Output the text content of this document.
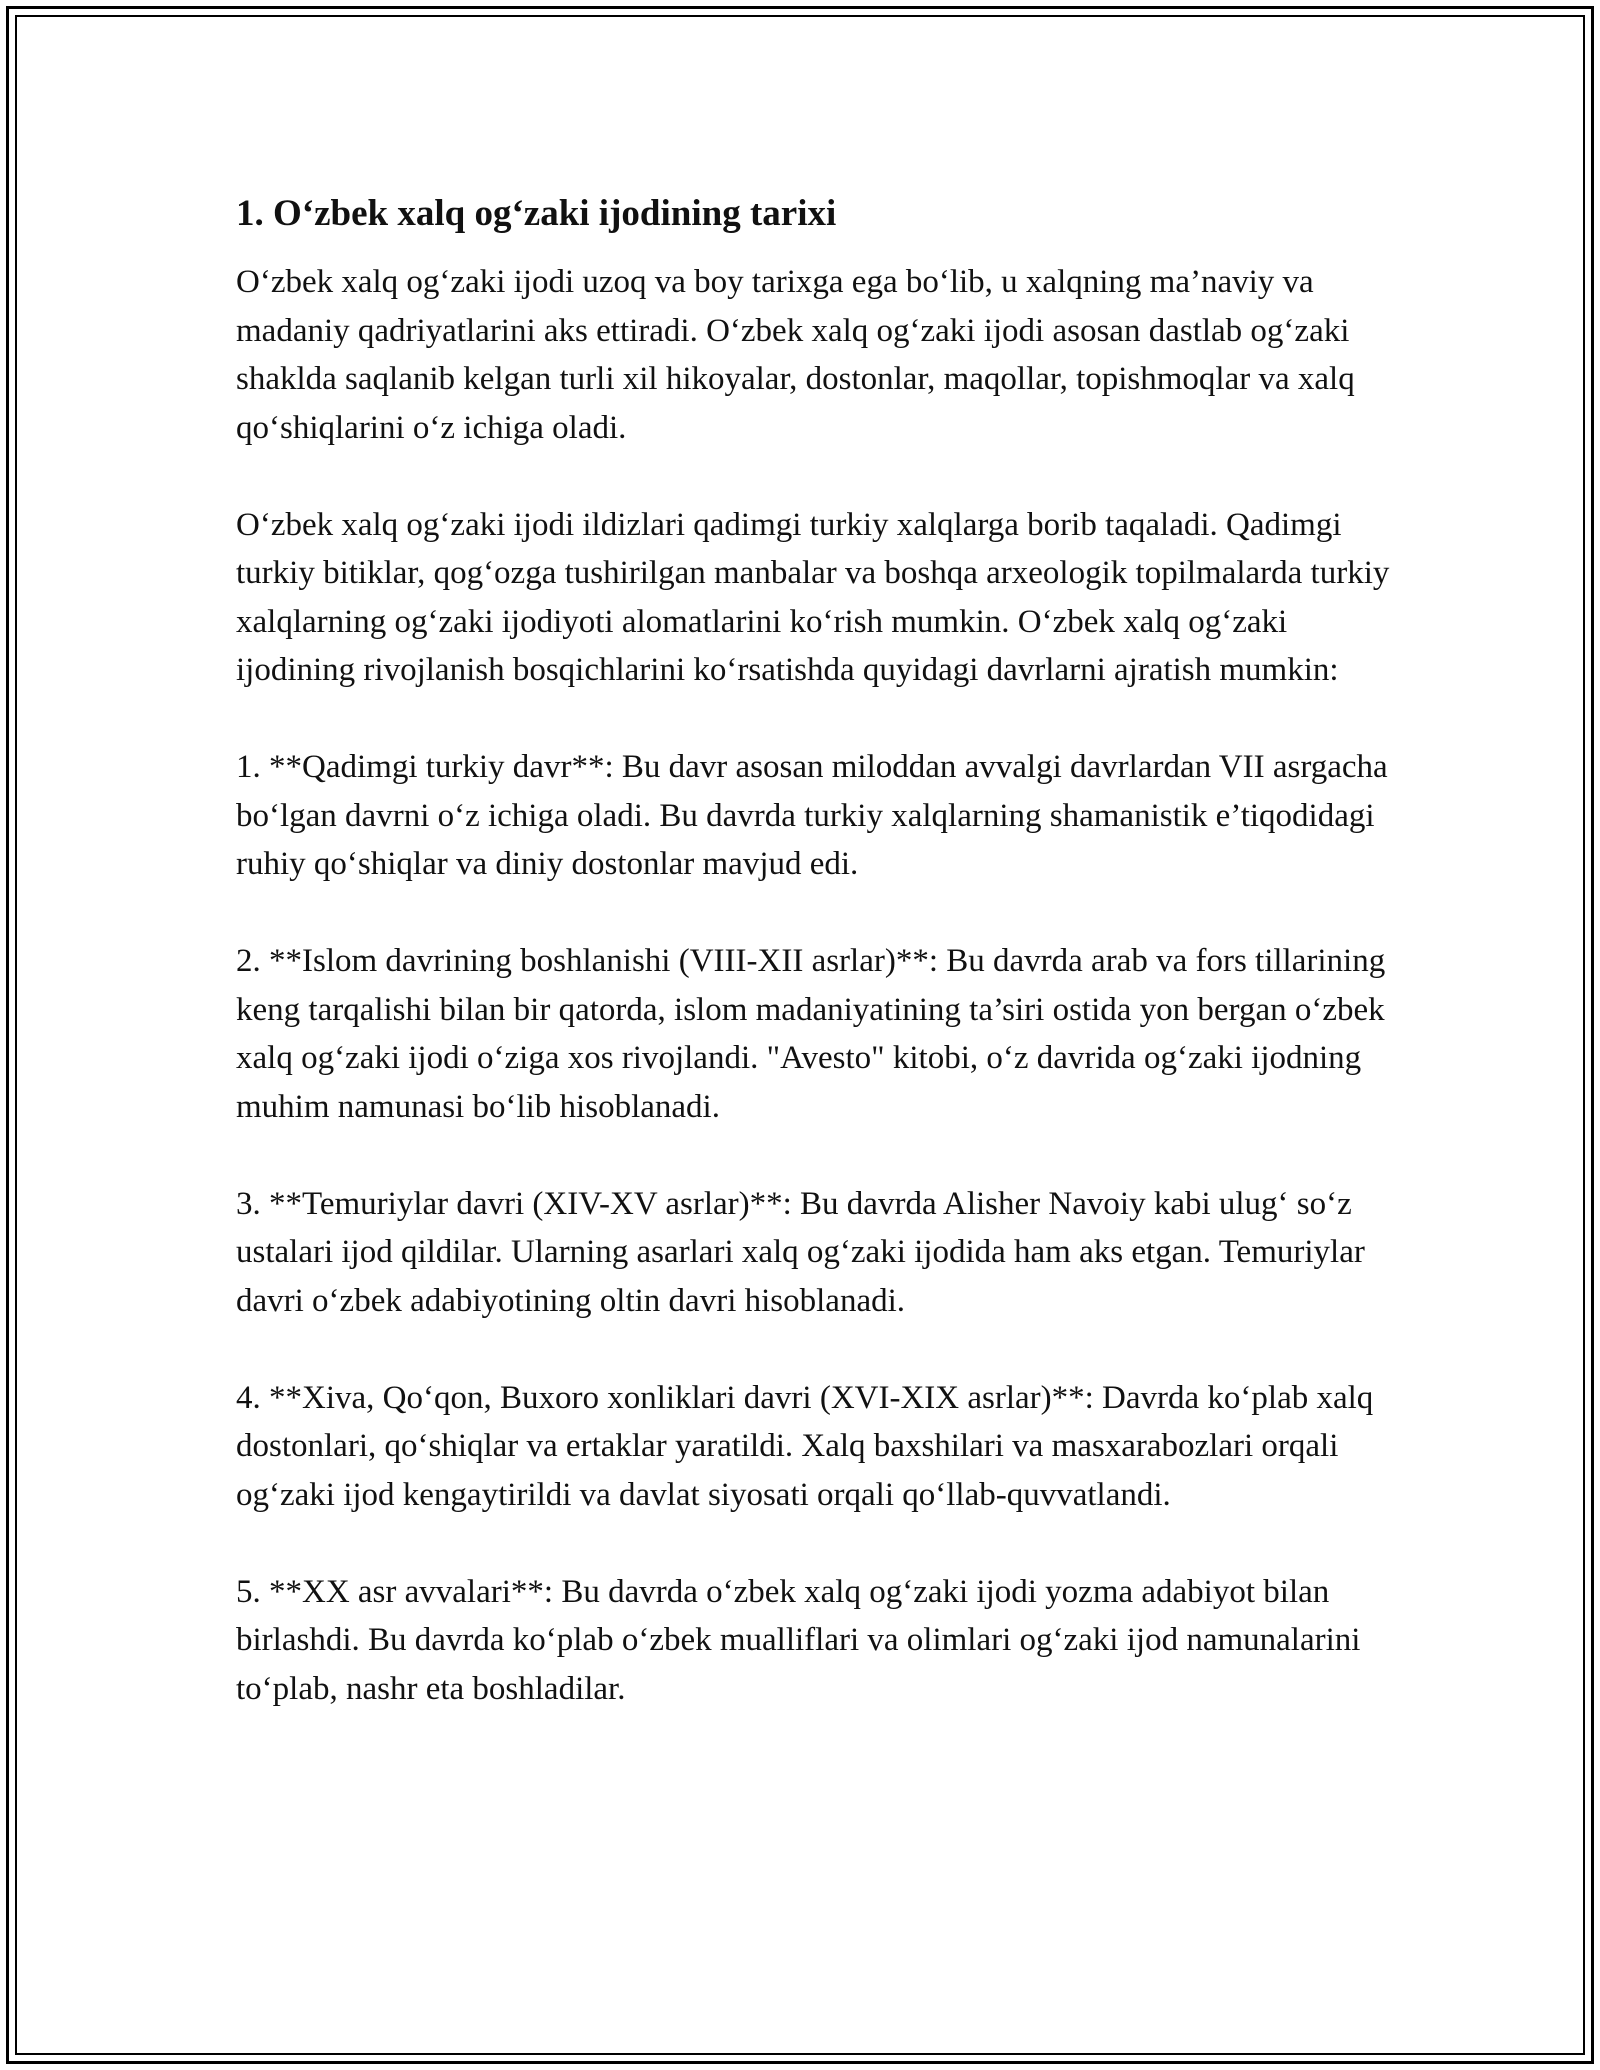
1. O‘zbek xalq og‘zaki ijodining tarixi

O‘zbek xalq og‘zaki ijodi uzoq va boy tarixga ega bo‘lib, u xalqning ma’naviy va madaniy qadriyatlarini aks ettiradi. O‘zbek xalq og‘zaki ijodi asosan dastlab og‘zaki shaklda saqlanib kelgan turli xil hikoyalar, dostonlar, maqollar, topishmoqlar va xalq qo‘shiqlarini o‘z ichiga oladi.

O‘zbek xalq og‘zaki ijodi ildizlari qadimgi turkiy xalqlarga borib taqaladi. Qadimgi turkiy bitiklar, qog‘ozga tushirilgan manbalar va boshqa arxeologik topilmalarda turkiy xalqlarning og‘zaki ijodiyoti alomatlarini ko‘rish mumkin. O‘zbek xalq og‘zaki ijodining rivojlanish bosqichlarini ko‘rsatishda quyidagi davrlarni ajratish mumkin:

1. **Qadimgi turkiy davr**: Bu davr asosan miloddan avvalgi davrlardan VII asrgacha bo‘lgan davrni o‘z ichiga oladi. Bu davrda turkiy xalqlarning shamanistik e’tiqodidagi ruhiy qo‘shiqlar va diniy dostonlar mavjud edi.

2. **Islom davrining boshlanishi (VIII-XII asrlar)**: Bu davrda arab va fors tillarining keng tarqalishi bilan bir qatorda, islom madaniyatining ta’siri ostida yon bergan o‘zbek xalq og‘zaki ijodi o‘ziga xos rivojlandi. "Avesto" kitobi, o‘z davrida og‘zaki ijodning muhim namunasi bo‘lib hisoblanadi.

3. **Temuriylar davri (XIV-XV asrlar)**: Bu davrda Alisher Navoiy kabi ulug‘ so‘z ustalari ijod qildilar. Ularning asarlari xalq og‘zaki ijodida ham aks etgan. Temuriylar davri o‘zbek adabiyotining oltin davri hisoblanadi.

4. **Xiva, Qo‘qon, Buxoro xonliklari davri (XVI-XIX asrlar)**: Davrda ko‘plab xalq dostonlari, qo‘shiqlar va ertaklar yaratildi. Xalq baxshilari va masxarabozlari orqali og‘zaki ijod kengaytirildi va davlat siyosati orqali qo‘llab-quvvatlandi.

5. **XX asr avvalari**: Bu davrda o‘zbek xalq og‘zaki ijodi yozma adabiyot bilan birlashdi. Bu davrda ko‘plab o‘zbek mualliflari va olimlari og‘zaki ijod namunalarini to‘plab, nashr eta boshladilar.
